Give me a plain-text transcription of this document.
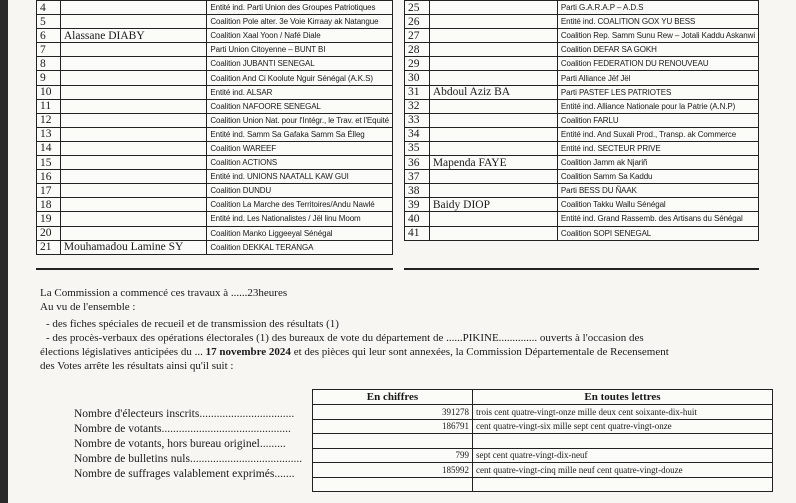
4		Entité ind. Parti Union des Groupes Patriotiques
5		Coalition Pole alter. 3e Voie Kirraay ak Natangue
6	Alassane DIABY	Coalition Xaal Yoon / Nafé Diale
7		Parti Union Citoyenne – BUNT BI
8		Coalition JUBANTI SENEGAL
9		Coalition And Ci Koolute Nguir Sénégal (A.K.S)
10		Entité ind. ALSAR
11		Coalition NAFOORE SENEGAL
12		Coalition Union Nat. pour l'Intégr., le Trav. et l'Equité
13		Entité ind. Samm Sa Gafaka Samm Sa Élleg
14		Coalition WAREEF
15		Coalition ACTIONS
16		Entité ind. UNIONS NAATALL KAW GUI
17		Coalition DUNDU
18		Coalition La Marche des Territoires/Andu Nawlé
19		Entité ind. Les Nationalistes / Jël linu Moom
20		Coalition Manko Liggeeyal Sénégal
21	Mouhamadou Lamine SY	Coalition DEKKAL TERANGA
25		Parti G.A.R.A.P – A.D.S
26		Entité ind. COALITION GOX YU BESS
27		Coalition Rep. Samm Sunu Rew – Jotali Kaddu Askanwi
28		Coalition DEFAR SA GOKH
29		Coalition FEDERATION DU RENOUVEAU
30		Parti Alliance Jëf Jël
31	Abdoul Aziz BA	Parti PASTEF LES PATRIOTES
32		Entité ind. Alliance Nationale pour la Patrie (A.N.P)
33		Coalition FARLU
34		Entité ind. And Suxali Prod., Transp. ak Commerce
35		Entité ind. SECTEUR PRIVE
36	Mapenda FAYE	Coalition Jamm ak Njariñ
37		Coalition Samm Sa Kaddu
38		Parti BESS DU ÑAAK
39	Baidy DIOP	Coalition Takku Wallu Sénégal
40		Entité ind. Grand Rassemb. des Artisans du Sénégal
41		Coalition SOPI SENEGAL
La Commission a commencé ces travaux à ......23heures
Au vu de l'ensemble :
- des fiches spéciales de recueil et de transmission des résultats (1)
- des procès-verbaux des opérations électorales (1) des bureaux de vote du département de ......PIKINE.............. ouverts à l'occasion des
élections législatives anticipées du ... 17 novembre 2024 et des pièces qui leur sont annexées, la Commission Départementale de Recensement
des Votes arrête les résultats ainsi qu'il suit :
Nombre d'électeurs inscrits.................................
Nombre de votants.............................................
Nombre de votants, hors bureau originel.........
Nombre de bulletins nuls.......................................
Nombre de suffrages valablement exprimés.......
En chiffres	En toutes lettres
391278	trois cent quatre-vingt-onze mille deux cent soixante-dix-huit
186791	cent quatre-vingt-six mille sept cent quatre-vingt-onze

799	sept cent quatre-vingt-dix-neuf
185992	cent quatre-vingt-cinq mille neuf cent quatre-vingt-douze
